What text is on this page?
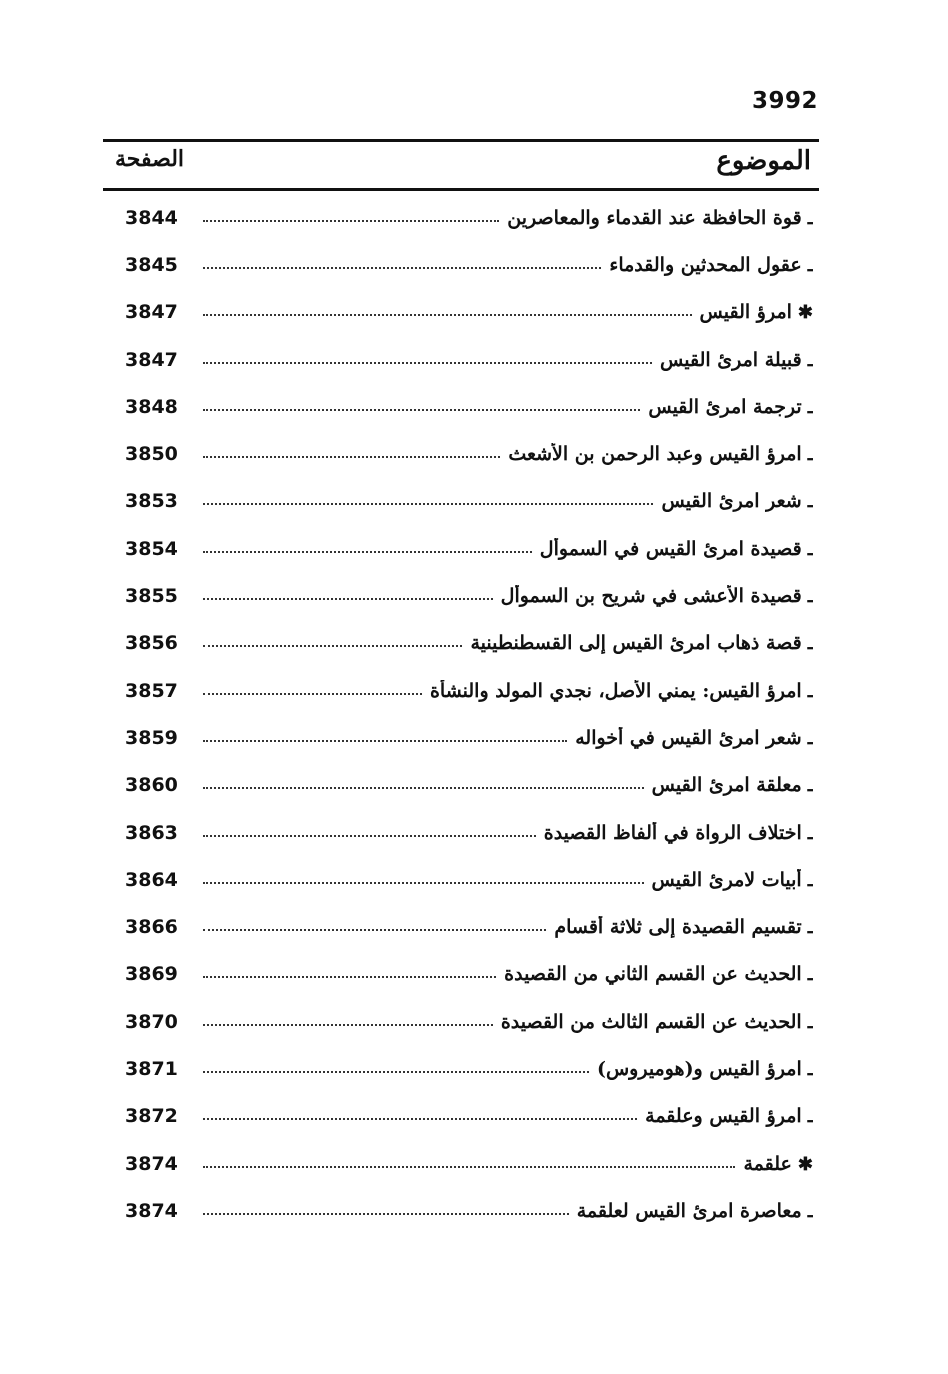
3992
الموضوع
الصفحة
ـ
قوة الحافظة عند القدماء والمعاصرين
3844
ـ
عقول المحدثين والقدماء
3845
✱
امرؤ القيس
3847
ـ
قبيلة امرئ القيس
3847
ـ
ترجمة امرئ القيس
3848
ـ
امرؤ القيس وعبد الرحمن بن الأشعث
3850
ـ
شعر امرئ القيس
3853
ـ
قصيدة امرئ القيس في السموأل
3854
ـ
قصيدة الأعشى في شريح بن السموأل
3855
ـ
قصة ذهاب امرئ القيس إلى القسطنطينية
3856
ـ
امرؤ القيس: يمني الأصل، نجدي المولد والنشأة
3857
ـ
شعر امرئ القيس في أخواله
3859
ـ
معلقة امرئ القيس
3860
ـ
اختلاف الرواة في ألفاظ القصيدة
3863
ـ
أبيات لامرئ القيس
3864
ـ
تقسيم القصيدة إلى ثلاثة أقسام
3866
ـ
الحديث عن القسم الثاني من القصيدة
3869
ـ
الحديث عن القسم الثالث من القصيدة
3870
ـ
امرؤ القيس و(هوميروس)
3871
ـ
امرؤ القيس وعلقمة
3872
✱
علقمة
3874
ـ
معاصرة امرئ القيس لعلقمة
3874
